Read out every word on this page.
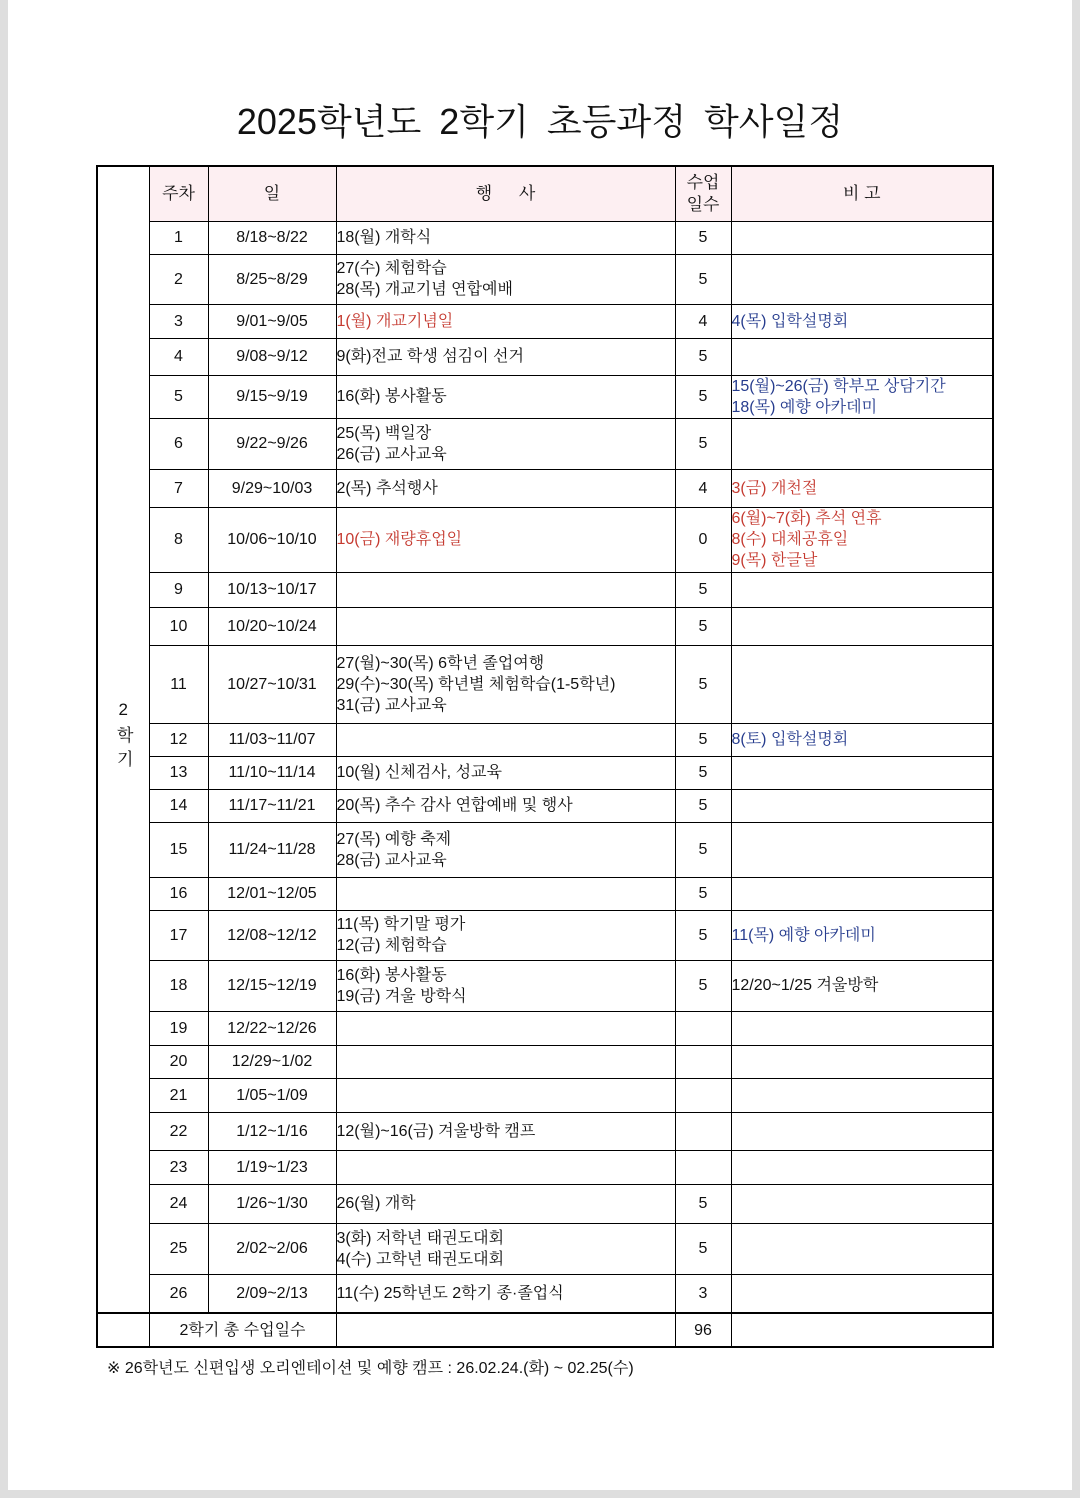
2025학년도 2학기 초등과정 학사일정
2학기	주차	일	행 사	수업
일수	비 고
	1	8/18~8/22	18(월) 개학식	5	
	2	8/25~8/29	27(수) 체험학습
28(목) 개교기념 연합예배	5	
	3	9/01~9/05	1(월) 개교기념일	4	4(목) 입학설명회

	4	9/08~9/12	9(화)전교 학생 섬김이 선거	5	
	5	9/15~9/19	16(화) 봉사활동	5	15(월)~26(금) 학부모 상담기간
18(목) 예향 아카데미

	6	9/22~9/26	25(목) 백일장
26(금) 교사교육	5	
	7	9/29~10/03	2(목) 추석행사	4	3(금) 개천절

	8	10/06~10/10	10(금) 재량휴업일	0	6(월)~7(화) 추석 연휴
8(수) 대체공휴일
9(목) 한글날

	9	10/13~10/17		5	
	10	10/20~10/24		5	
	11	10/27~10/31	27(월)~30(목) 6학년 졸업여행
29(수)~30(목) 학년별 체험학습(1-5학년)
31(금) 교사교육	5	
	12	11/03~11/07		5	8(토) 입학설명회

	13	11/10~11/14	10(월) 신체검사, 성교육	5	
	14	11/17~11/21	20(목) 추수 감사 연합예배 및 행사	5	
	15	11/24~11/28	27(목) 예향 축제
28(금) 교사교육	5	
	16	12/01~12/05		5	
	17	12/08~12/12	11(목) 학기말 평가
12(금) 체험학습	5	11(목) 예향 아카데미

	18	12/15~12/19	16(화) 봉사활동
19(금) 겨울 방학식	5	12/20~1/25 겨울방학

	19	12/22~12/26			
	20	12/29~1/02			
	21	1/05~1/09			
	22	1/12~1/16	12(월)~16(금) 겨울방학 캠프		

	23	1/19~1/23			
	24	1/26~1/30	26(월) 개학	5	
	25	2/02~2/06	3(화) 저학년 태권도대회
4(수) 고학년 태권도대회	5	
	26	2/09~2/13	11(수) 25학년도 2학기 종·졸업식	3	
	2학기 총 수업일수			96	
※ 26학년도 신편입생 오리엔테이션 및 예향 캠프 : 26.02.24.(화) ~ 02.25(수)
